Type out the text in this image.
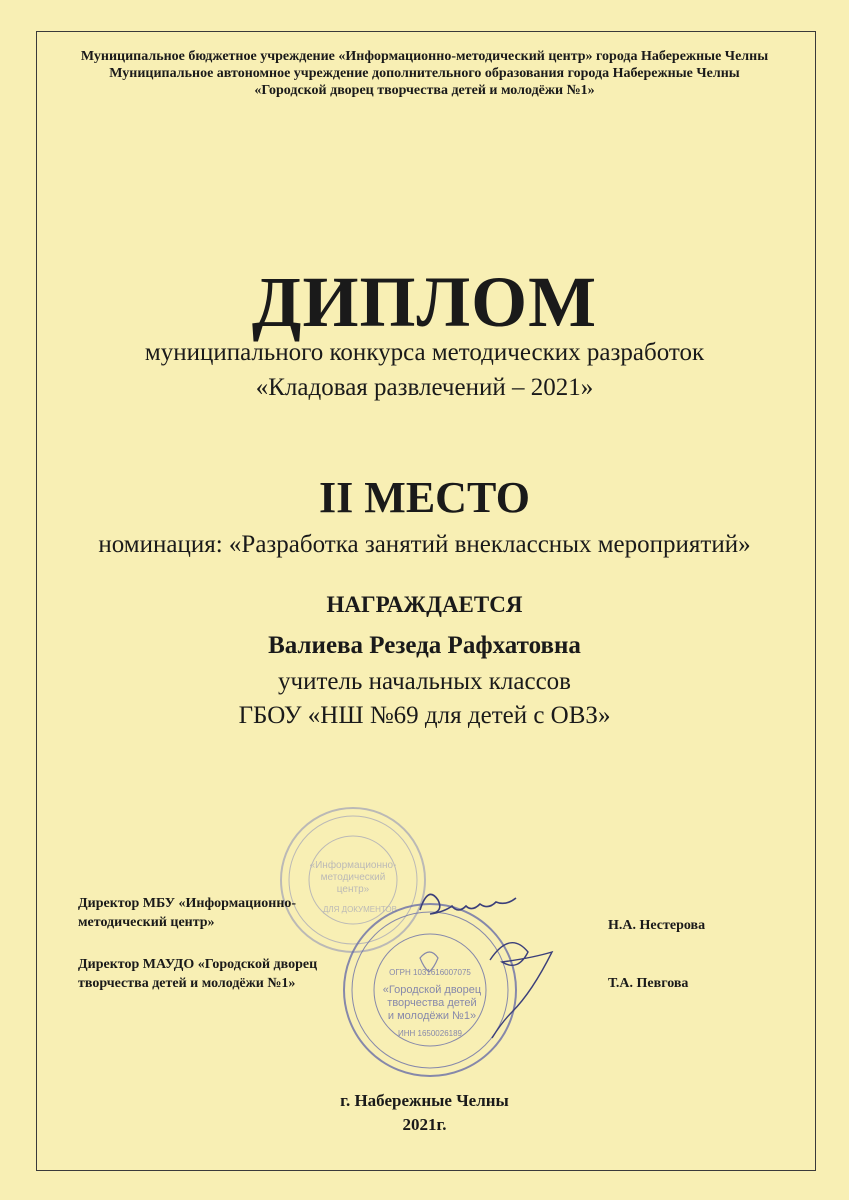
Муниципальное бюджетное учреждение «Информационно-методический центр» города Набережные Челны
Муниципальное автономное учреждение дополнительного образования города Набережные Челны
«Городской дворец творчества детей и молодёжи №1»
ДИПЛОМ
муниципального конкурса методических разработок
«Кладовая развлечений – 2021»
II МЕСТО
номинация: «Разработка занятий внеклассных мероприятий»
НАГРАЖДАЕТСЯ
Валиева Резеда Рафхатовна
учитель начальных классов
ГБОУ «НШ №69 для детей с ОВЗ»
«Информационно-
методический
центр»
ДЛЯ ДОКУМЕНТОВ
ОГРН 1031616007075
«Городской дворец
творчества детей
и молодёжи №1»
ИНН 1650026189
Директор МБУ «Информационно-
методический центр»	Н.А. Нестерова
Директор МАУДО «Городской дворец
творчества детей и молодёжи №1»	Т.А. Певгова
г. Набережные Челны
2021г.
